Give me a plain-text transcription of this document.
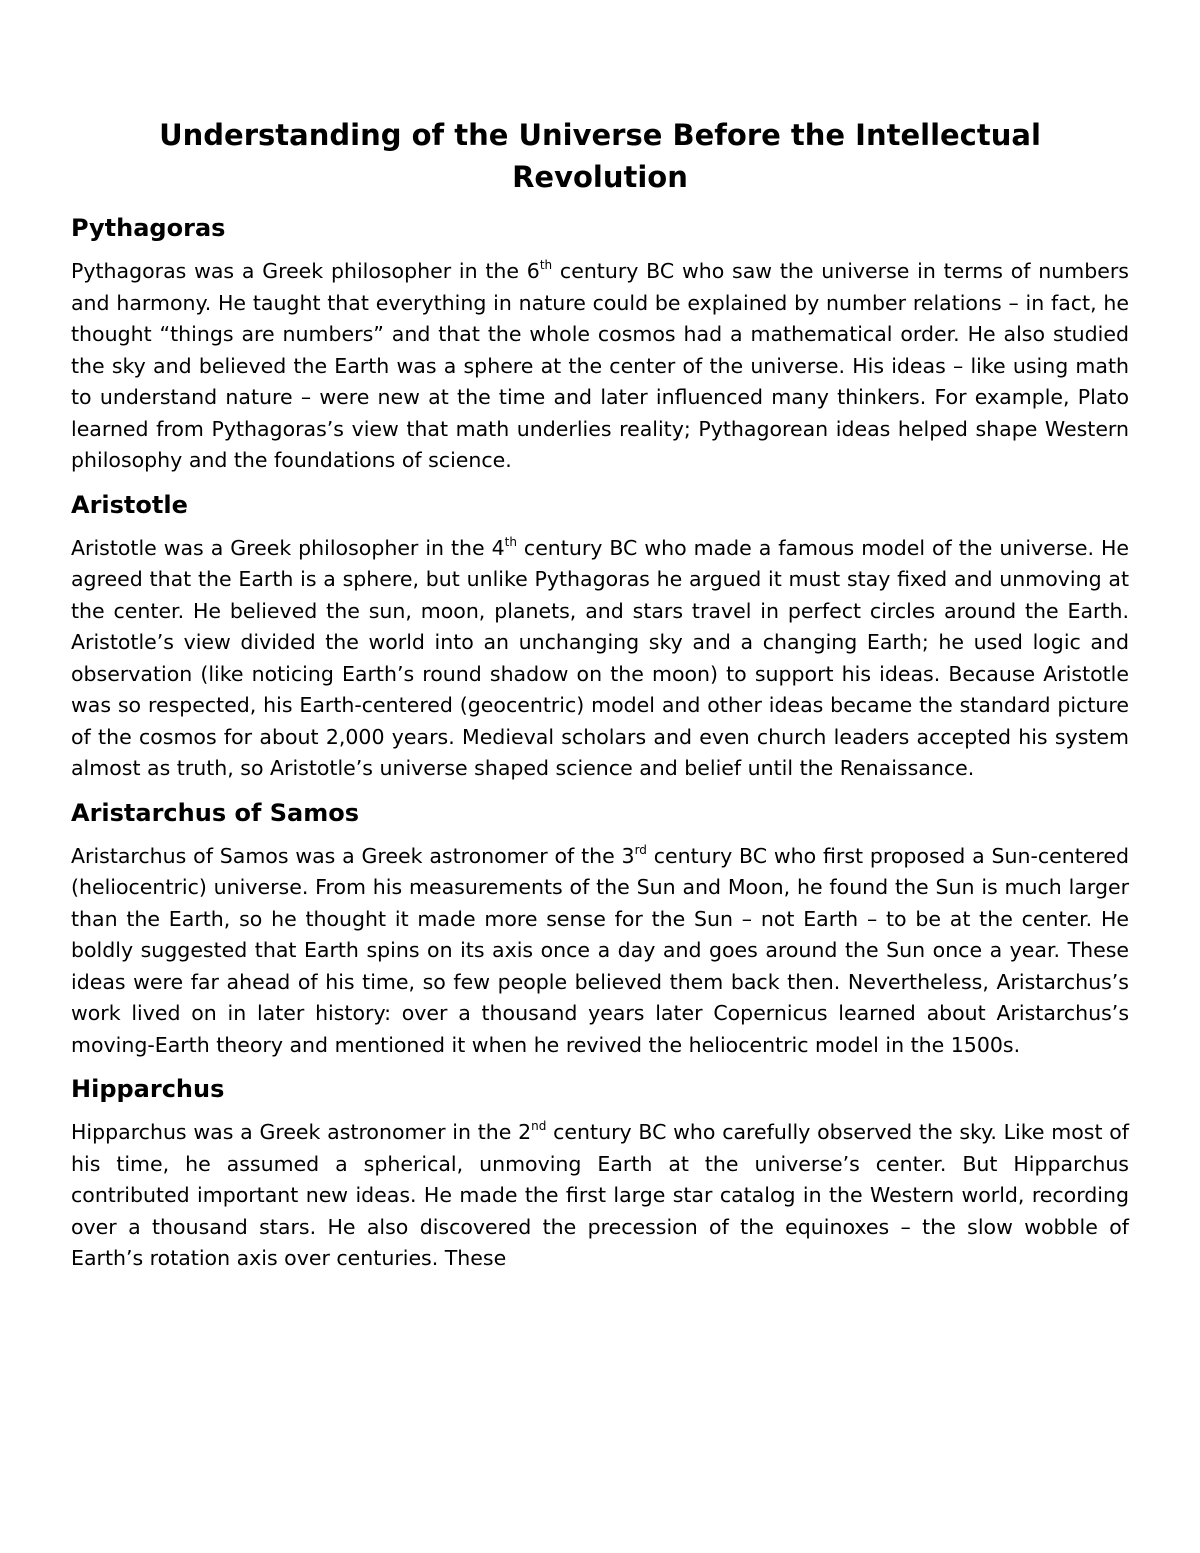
Understanding of the Universe Before the Intellectual Revolution
Pythagoras

Pythagoras was a Greek philosopher in the 6th century BC who saw the universe in terms of numbers and harmony. He taught that everything in nature could be explained by number relations – in fact, he thought “things are numbers” and that the whole cosmos had a mathematical order. He also studied the sky and believed the Earth was a sphere at the center of the universe. His ideas – like using math to understand nature – were new at the time and later influenced many thinkers. For example, Plato learned from Pythagoras’s view that math underlies reality; Pythagorean ideas helped shape Western philosophy and the foundations of science.

Aristotle

Aristotle was a Greek philosopher in the 4th century BC who made a famous model of the universe. He agreed that the Earth is a sphere, but unlike Pythagoras he argued it must stay fixed and unmoving at the center. He believed the sun, moon, planets, and stars travel in perfect circles around the Earth. Aristotle’s view divided the world into an unchanging sky and a changing Earth; he used logic and observation (like noticing Earth’s round shadow on the moon) to support his ideas. Because Aristotle was so respected, his Earth-centered (geocentric) model and other ideas became the standard picture of the cosmos for about 2,000 years. Medieval scholars and even church leaders accepted his system almost as truth, so Aristotle’s universe shaped science and belief until the Renaissance.

Aristarchus of Samos

Aristarchus of Samos was a Greek astronomer of the 3rd century BC who first proposed a Sun-centered (heliocentric) universe. From his measurements of the Sun and Moon, he found the Sun is much larger than the Earth, so he thought it made more sense for the Sun – not Earth – to be at the center. He boldly suggested that Earth spins on its axis once a day and goes around the Sun once a year. These ideas were far ahead of his time, so few people believed them back then. Nevertheless, Aristarchus’s work lived on in later history: over a thousand years later Copernicus learned about Aristarchus’s moving-Earth theory and mentioned it when he revived the heliocentric model in the 1500s.

Hipparchus

Hipparchus was a Greek astronomer in the 2nd century BC who carefully observed the sky. Like most of his time, he assumed a spherical, unmoving Earth at the universe’s center. But Hipparchus contributed important new ideas. He made the first large star catalog in the Western world, recording over a thousand stars. He also discovered the precession of the equinoxes – the slow wobble of Earth’s rotation axis over centuries. These
